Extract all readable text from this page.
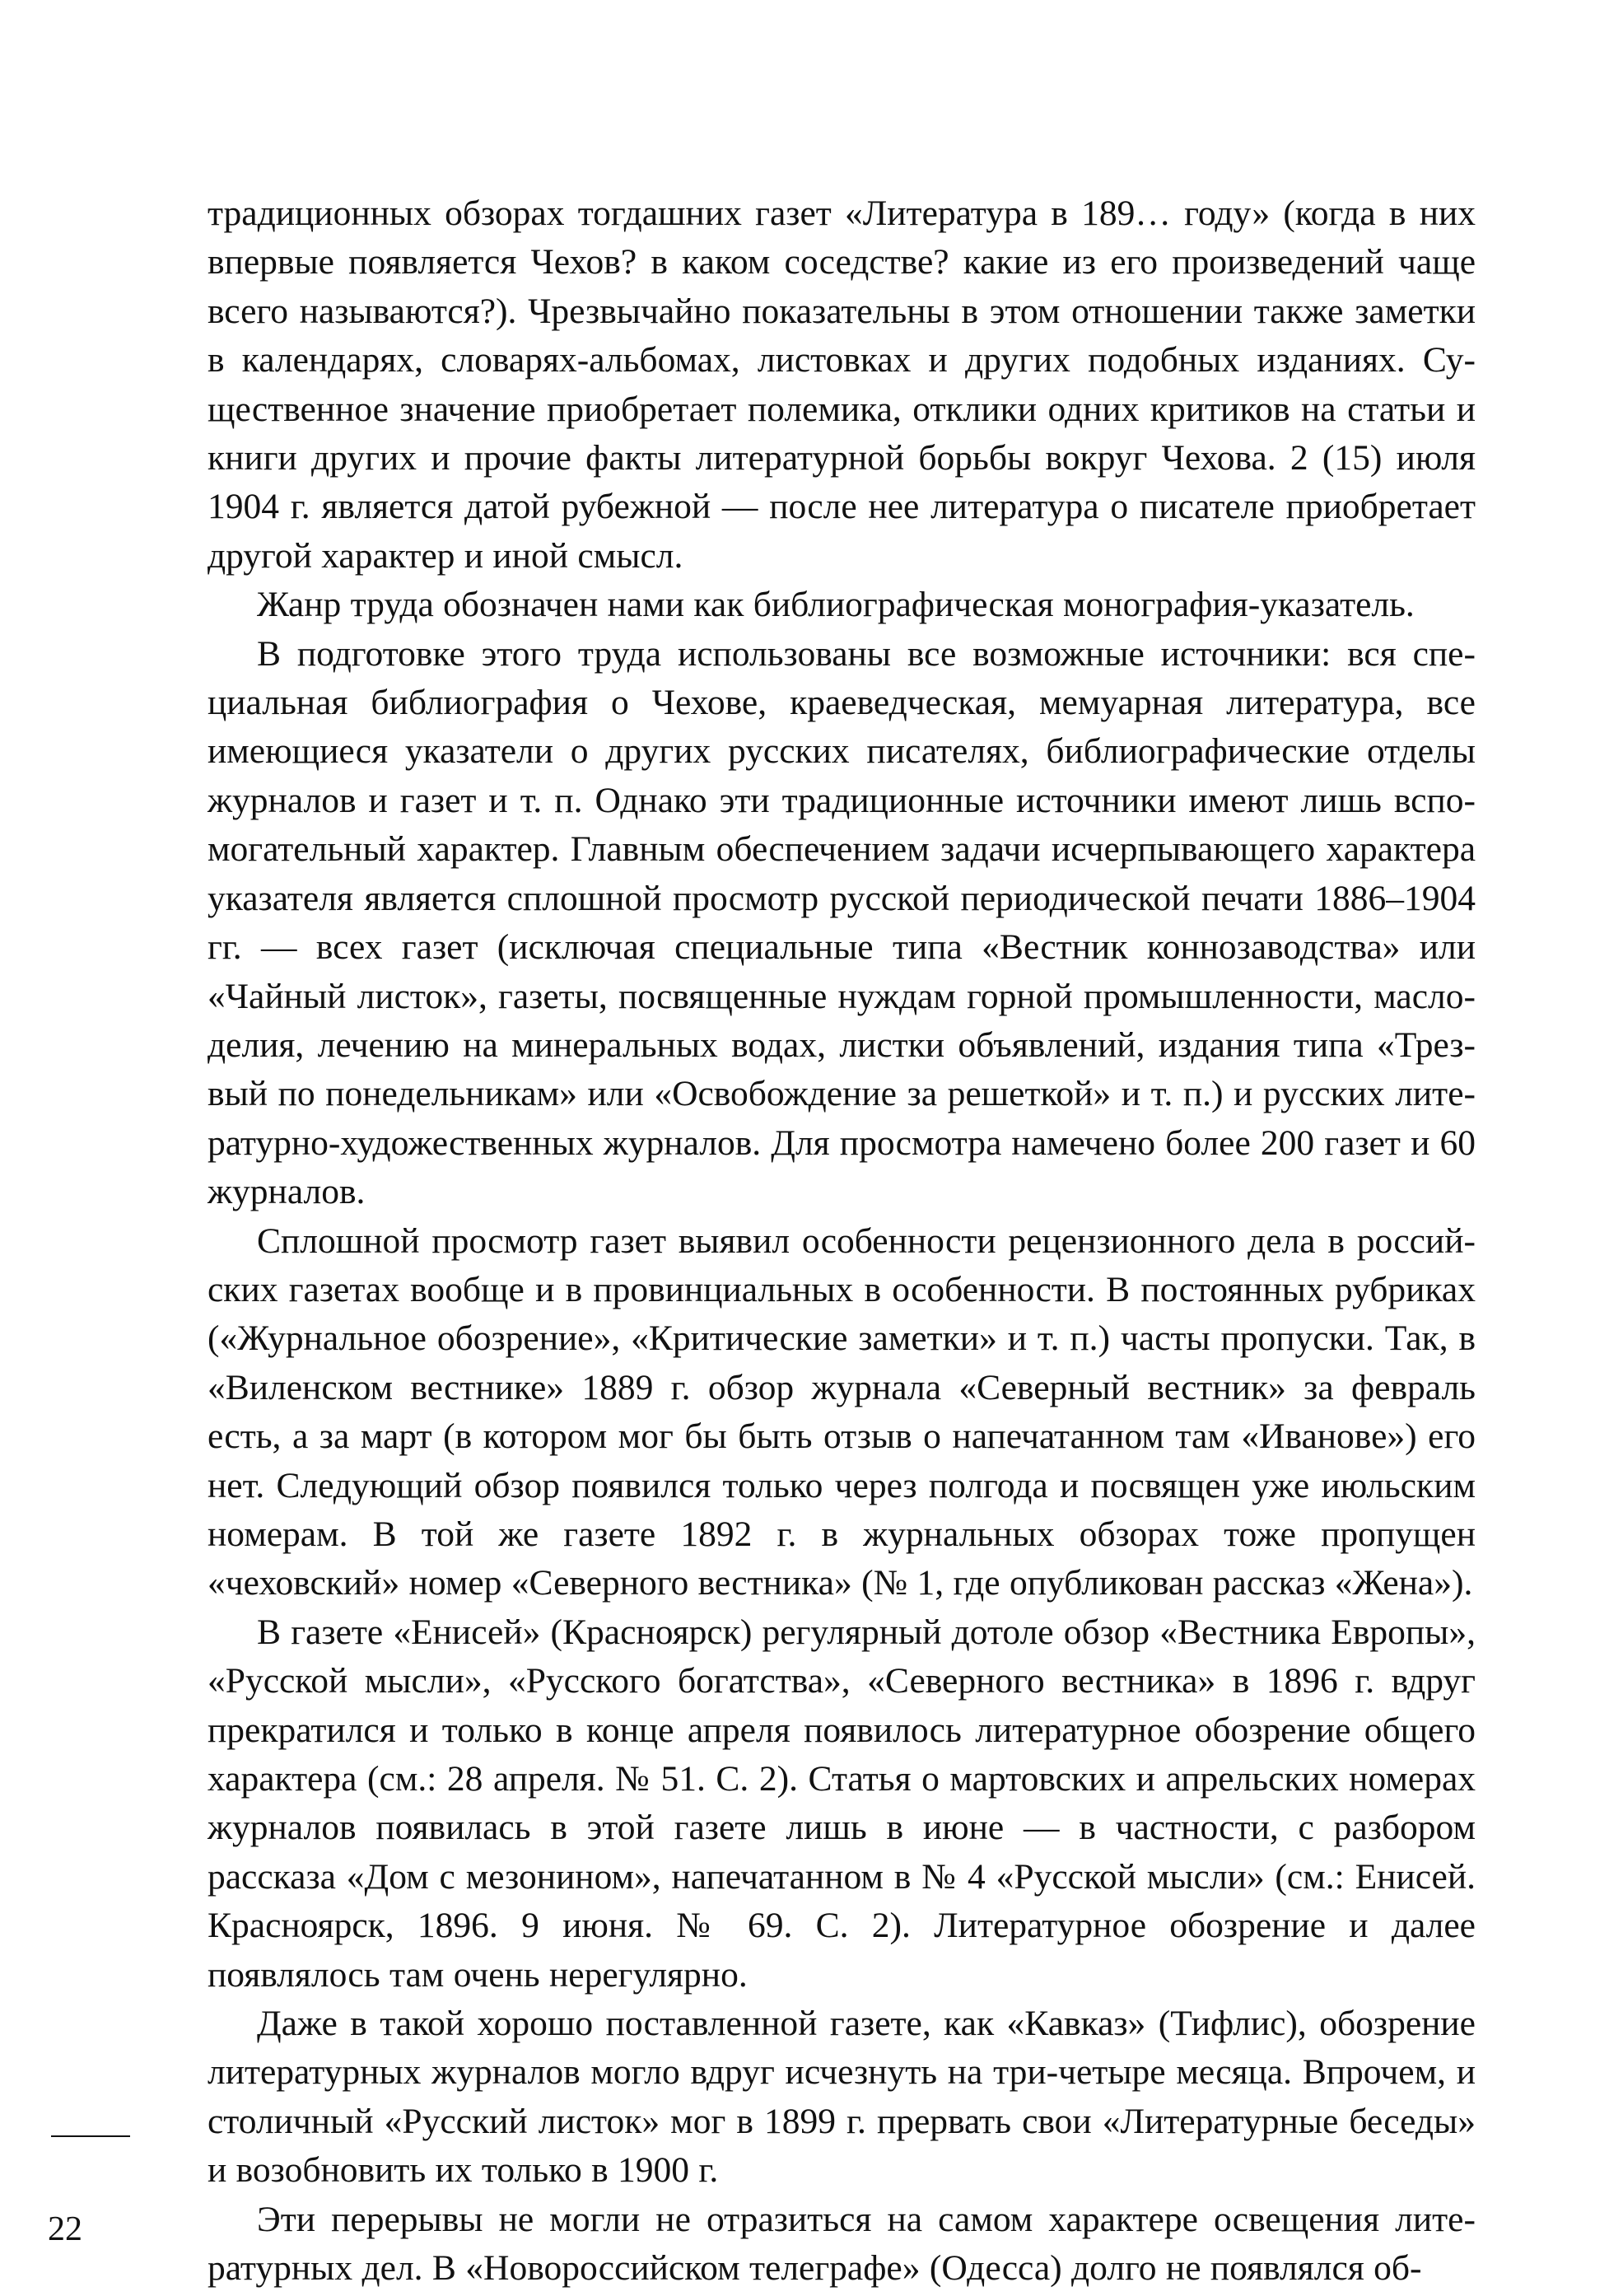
традиционных обзорах тогдашних газет «Литература в 189… году» (когда в них впервые появляется Чехов? в каком соседстве? какие из его произведений чаще всего называются?). Чрезвычайно показательны в этом отношении также заметки в календарях, словарях-альбомах, листовках и других подобных изданиях. Существенное значение приобретает полемика, отклики одних критиков на статьи и книги других и прочие факты литературной борьбы вокруг Чехова. 2 (15) июля 1904 г. является датой рубежной — после нее литература о писателе приобретает другой характер и иной смысл.

Жанр труда обозначен нами как библиографическая монография-указатель.

В подготовке этого труда использованы все возможные источники: вся специальная библиография о Чехове, краеведческая, мемуарная литература, все имеющиеся указатели о других русских писателях, библиографические отделы журналов и газет и т. п. Однако эти традиционные источники имеют лишь вспомогательный характер. Главным обеспечением задачи исчерпывающего характера указателя является сплошной просмотр русской периодической печати 1886–1904 гг. — всех газет (исключая специальные типа «Вестник коннозаводства» или «Чайный листок», газеты, посвященные нуждам горной промышленности, маслоделия, лечению на минеральных водах, листки объявлений, издания типа «Трезвый по понедельникам» или «Освобождение за решеткой» и т. п.) и русских литературно-художественных журналов. Для просмотра намечено более 200 газет и 60 журналов.

Сплошной просмотр газет выявил особенности рецензионного дела в российских газетах вообще и в провинциальных в особенности. В постоянных рубриках («Журнальное обозрение», «Критические заметки» и т. п.) часты пропуски. Так, в «Виленском вестнике» 1889 г. обзор журнала «Северный вестник» за февраль есть, а за март (в котором мог бы быть отзыв о напечатанном там «Иванове») его нет. Следующий обзор появился только через полгода и посвящен уже июльским номерам. В той же газете 1892 г. в журнальных обзорах тоже пропущен «чеховский» номер «Северного вестника» (№ 1, где опубликован рассказ «Жена»).

В газете «Енисей» (Красноярск) регулярный дотоле обзор «Вестника Европы», «Русской мысли», «Русского богатства», «Северного вестника» в 1896 г. вдруг прекратился и только в конце апреля появилось литературное обозрение общего характера (см.: 28 апреля. № 51. С. 2). Статья о мартовских и апрельских номерах журналов появилась в этой газете лишь в июне — в частности, с разбором рассказа «Дом с мезонином», напечатанном в № 4 «Русской мысли» (см.: Енисей. Красноярск, 1896. 9 июня. № 69. С. 2). Литературное обозрение и далее появлялось там очень нерегулярно.

Даже в такой хорошо поставленной газете, как «Кавказ» (Тифлис), обозрение литературных журналов могло вдруг исчезнуть на три-четыре месяца. Впрочем, и столичный «Русский листок» мог в 1899 г. прервать свои «Литературные беседы» и возобновить их только в 1900 г.

Эти перерывы не могли не отразиться на самом характере освещения литературных дел. В «Новороссийском телеграфе» (Одесса) долго не появлялся об-

22
